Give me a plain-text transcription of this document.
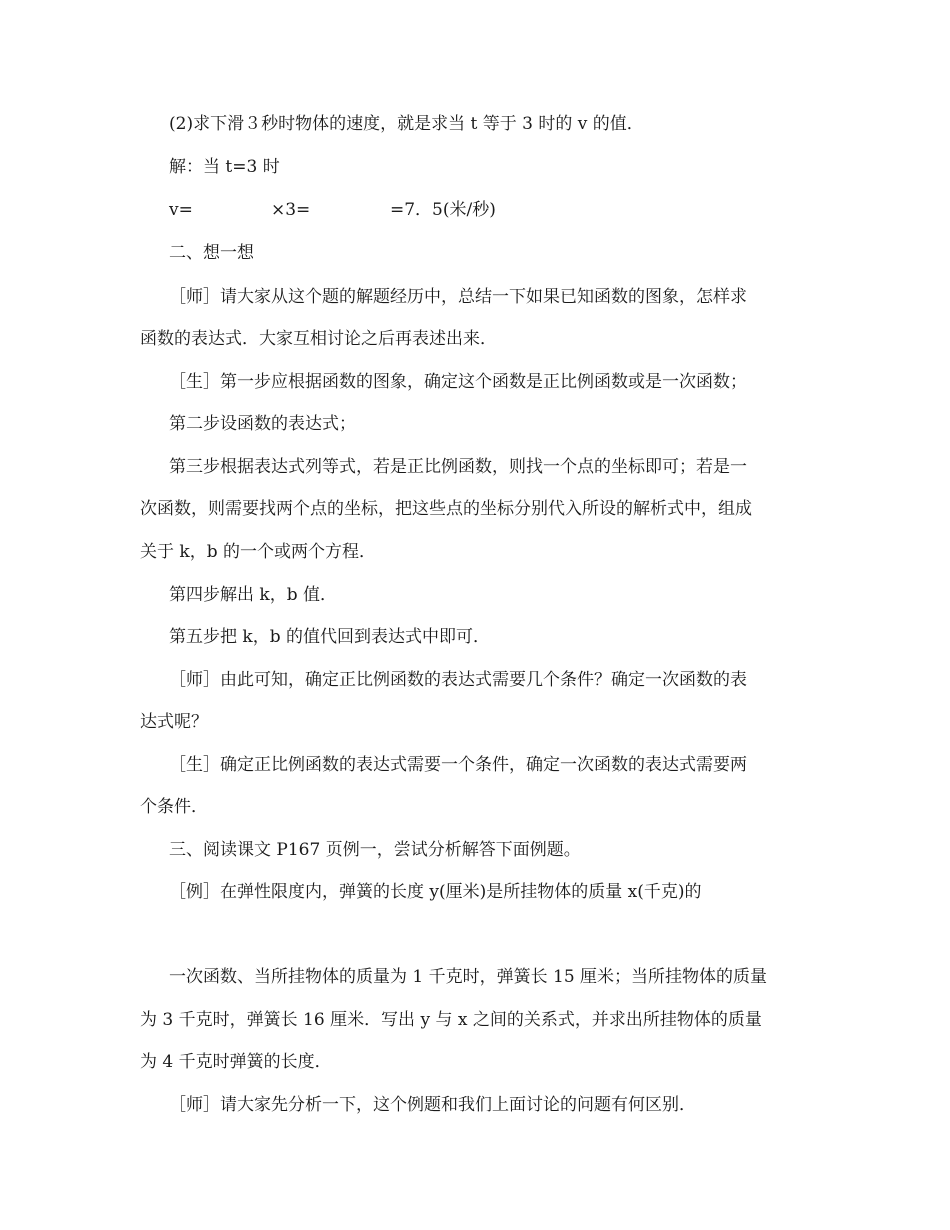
(2)求下滑３秒时物体的速度，就是求当 t 等于 3 时的 v 的值．
解：当 t=3 时
v=	×3=	=7．5(米/秒)
二、想一想
［师］请大家从这个题的解题经历中，总结一下如果已知函数的图象，怎样求
函数的表达式．大家互相讨论之后再表述出来．
［生］第一步应根据函数的图象，确定这个函数是正比例函数或是一次函数；
第二步设函数的表达式；
第三步根据表达式列等式，若是正比例函数，则找一个点的坐标即可；若是一
次函数，则需要找两个点的坐标，把这些点的坐标分别代入所设的解析式中，组成
关于 k，b 的一个或两个方程．
第四步解出 k，b 值．
第五步把 k，b 的值代回到表达式中即可．
［师］由此可知，确定正比例函数的表达式需要几个条件？确定一次函数的表
达式呢？
［生］确定正比例函数的表达式需要一个条件，确定一次函数的表达式需要两
个条件．
三、阅读课文 P167 页例一，尝试分析解答下面例题。
［例］在弹性限度内，弹簧的长度 y(厘米)是所挂物体的质量 x(千克)的
一次函数、当所挂物体的质量为 1 千克时，弹簧长 15 厘米；当所挂物体的质量
为 3 千克时，弹簧长 16 厘米．写出 y 与 x 之间的关系式，并求出所挂物体的质量
为 4 千克时弹簧的长度．
［师］请大家先分析一下，这个例题和我们上面讨论的问题有何区别．
